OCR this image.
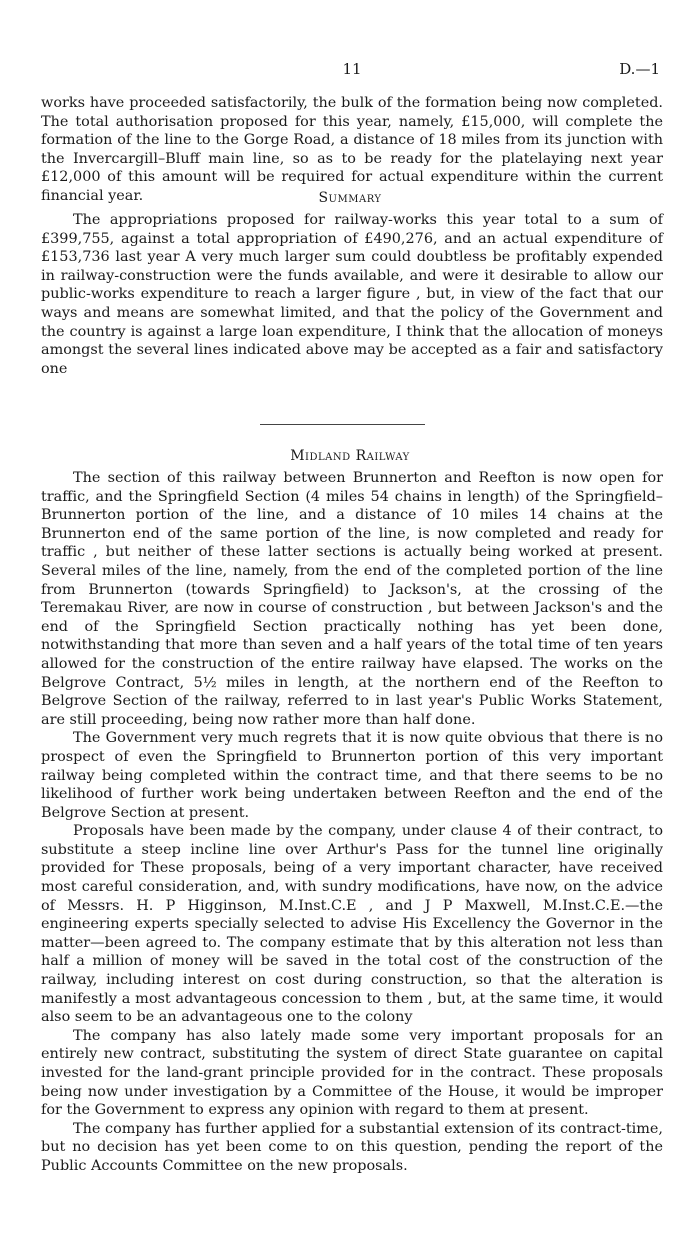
11	D.—1

works have proceeded satisfactorily, the bulk of the formation being now completed. The total authorisation proposed for this year, namely, £15,000, will complete the formation of the line to the Gorge Road, a distance of 18 miles from its junction with the Invercargill–Bluff main line, so as to be ready for the platelaying next year £12,000 of this amount will be required for actual expenditure within the current financial year.	Summary

The appropriations proposed for railway-works this year total to a sum of £399,755, against a total appropriation of £490,276, and an actual expenditure of £153,736 last year A very much larger sum could doubtless be profitably expended in railway-construction were the funds available, and were it desirable to allow our public-works expenditure to reach a larger figure , but, in view of the fact that our ways and means are somewhat limited, and that the policy of the Government and the country is against a large loan expenditure, I think that the allocation of moneys amongst the several lines indicated above may be accepted as a fair and satisfactory one

Midland Railway

The section of this railway between Brunnerton and Reefton is now open for traffic, and the Springfield Section (4 miles 54 chains in length) of the Springfield–Brunnerton portion of the line, and a distance of 10 miles 14 chains at the Brunnerton end of the same portion of the line, is now completed and ready for traffic , but neither of these latter sections is actually being worked at present. Several miles of the line, namely, from the end of the completed portion of the line from Brunnerton (towards Springfield) to Jackson's, at the crossing of the Teremakau River, are now in course of construction , but between Jackson's and the end of the Springfield Section practically nothing has yet been done, notwithstanding that more than seven and a half years of the total time of ten years allowed for the construction of the entire railway have elapsed. The works on the Belgrove Contract, 5½ miles in length, at the northern end of the Reefton to Belgrove Section of the railway, referred to in last year's Public Works Statement, are still proceeding, being now rather more than half done.

The Government very much regrets that it is now quite obvious that there is no prospect of even the Springfield to Brunnerton portion of this very important railway being completed within the contract time, and that there seems to be no likelihood of further work being undertaken between Reefton and the end of the Belgrove Section at present.

Proposals have been made by the company, under clause 4 of their contract, to substitute a steep incline line over Arthur's Pass for the tunnel line originally provided for These proposals, being of a very important character, have received most careful consideration, and, with sundry modifications, have now, on the advice of Messrs. H. P Higginson, M.Inst.C.E , and J P Maxwell, M.Inst.C.E.—the engineering experts specially selected to advise His Excellency the Governor in the matter—been agreed to. The company estimate that by this alteration not less than half a million of money will be saved in the total cost of the construction of the railway, including interest on cost during construction, so that the alteration is manifestly a most advantageous concession to them , but, at the same time, it would also seem to be an advantageous one to the colony

The company has also lately made some very important proposals for an entirely new contract, substituting the system of direct State guarantee on capital invested for the land-grant principle provided for in the contract. These proposals being now under investigation by a Committee of the House, it would be improper for the Government to express any opinion with regard to them at present.

The company has further applied for a substantial extension of its contract-time, but no decision has yet been come to on this question, pending the report of the Public Accounts Committee on the new proposals.
